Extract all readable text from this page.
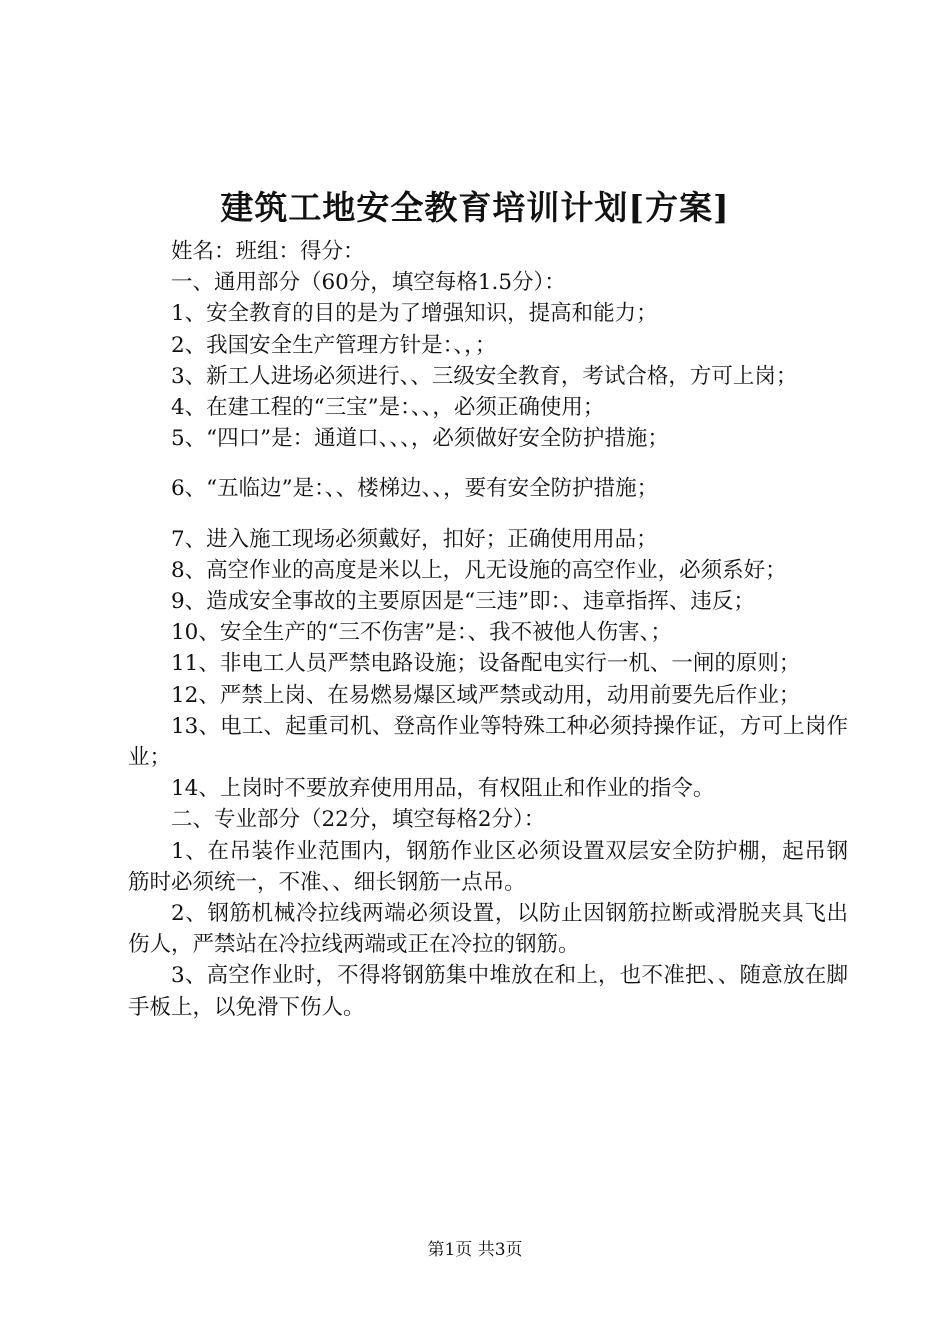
建筑工地安全教育培训计划[方案]

姓名：班组：得分：

一、通用部分（60分，填空每格1.5分）：

1、安全教育的目的是为了增强知识，提高和能力；

2、我国安全生产管理方针是：、，；

3、新工人进场必须进行、、三级安全教育，考试合格，方可上岗；

4、在建工程的“三宝”是：、、，必须正确使用；

5、“四口”是：通道口、、、，必须做好安全防护措施；

6、“五临边”是：、、楼梯边、、，要有安全防护措施；

7、进入施工现场必须戴好，扣好；正确使用用品；

8、高空作业的高度是米以上，凡无设施的高空作业，必须系好；

9、造成安全事故的主要原因是“三违”即：、违章指挥、违反；

10、安全生产的“三不伤害”是：、我不被他人伤害、；

11、非电工人员严禁电路设施；设备配电实行一机、一闸的原则；

12、严禁上岗、在易燃易爆区域严禁或动用，动用前要先后作业；

13、电工、起重司机、登高作业等特殊工种必须持操作证，方可上岗作业；

14、上岗时不要放弃使用用品，有权阻止和作业的指令。

二、专业部分（22分，填空每格2分）：

1、在吊装作业范围内，钢筋作业区必须设置双层安全防护棚，起吊钢筋时必须统一，不准、、细长钢筋一点吊。

2、钢筋机械冷拉线两端必须设置，以防止因钢筋拉断或滑脱夹具飞出伤人，严禁站在冷拉线两端或正在冷拉的钢筋。

3、高空作业时，不得将钢筋集中堆放在和上，也不准把、、随意放在脚手板上，以免滑下伤人。

第1页 共3页
